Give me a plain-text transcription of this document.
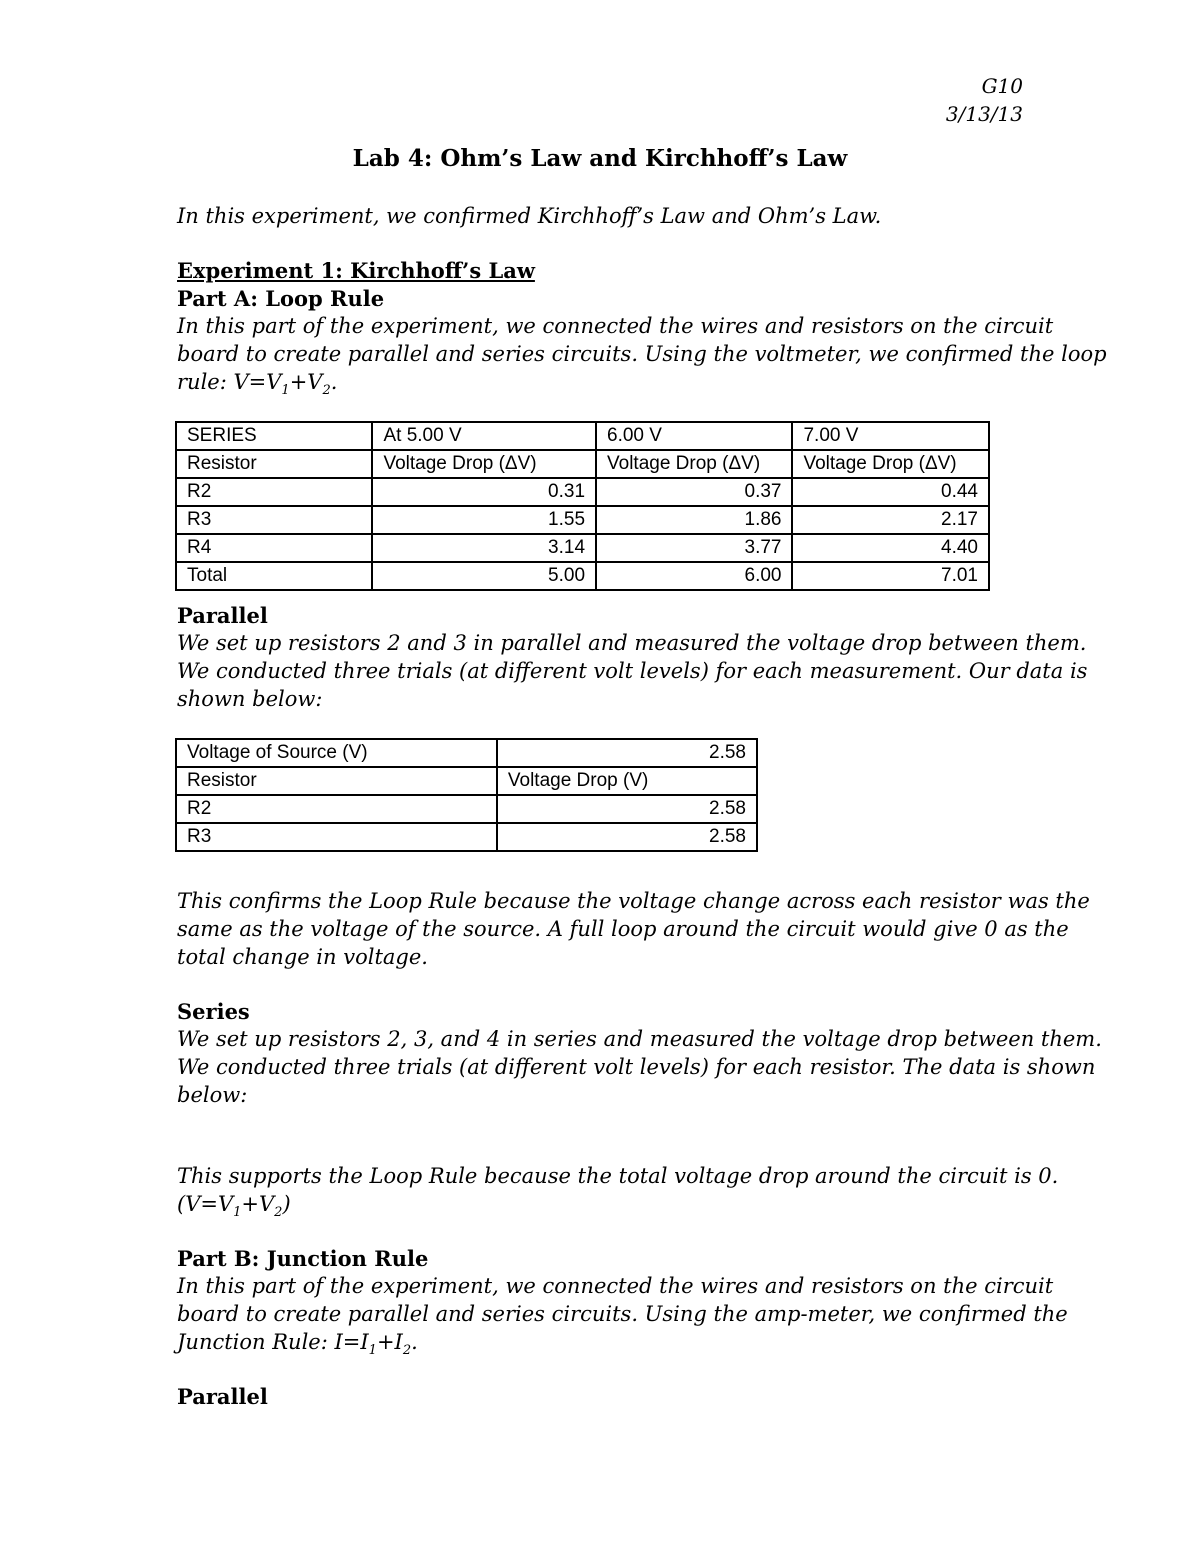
G10
3/13/13
Lab 4: Ohm’s Law and Kirchhoff’s Law
In this experiment, we confirmed Kirchhoff’s Law and Ohm’s Law.
Experiment 1: Kirchhoff’s Law
Part A: Loop Rule
In this part of the experiment, we connected the wires and resistors on the circuit
board to create parallel and series circuits. Using the voltmeter, we confirmed the loop
rule: $V=V_1+V_2$.
SERIES	At 5.00 V	6.00 V	7.00 V
Resistor	Voltage Drop (ΔV)	Voltage Drop (ΔV)	Voltage Drop (ΔV)
R2	0.31	0.37	0.44
R3	1.55	1.86	2.17
R4	3.14	3.77	4.40
Total	5.00	6.00	7.01
Parallel
We set up resistors 2 and 3 in parallel and measured the voltage drop between them.
We conducted three trials (at different volt levels) for each measurement. Our data is
shown below:
Voltage of Source (V)	2.58
Resistor	Voltage Drop (V)
R2	2.58
R3	2.58
This confirms the Loop Rule because the voltage change across each resistor was the
same as the voltage of the source. A full loop around the circuit would give 0 as the
total change in voltage.
Series
We set up resistors 2, 3, and 4 in series and measured the voltage drop between them.
We conducted three trials (at different volt levels) for each resistor. The data is shown
below:
This supports the Loop Rule because the total voltage drop around the circuit is 0.
$(V=V_1+V_2)$
Part B: Junction Rule
In this part of the experiment, we connected the wires and resistors on the circuit
board to create parallel and series circuits. Using the amp-meter, we confirmed the
Junction Rule: $I=I_1+I_2$.
Parallel
